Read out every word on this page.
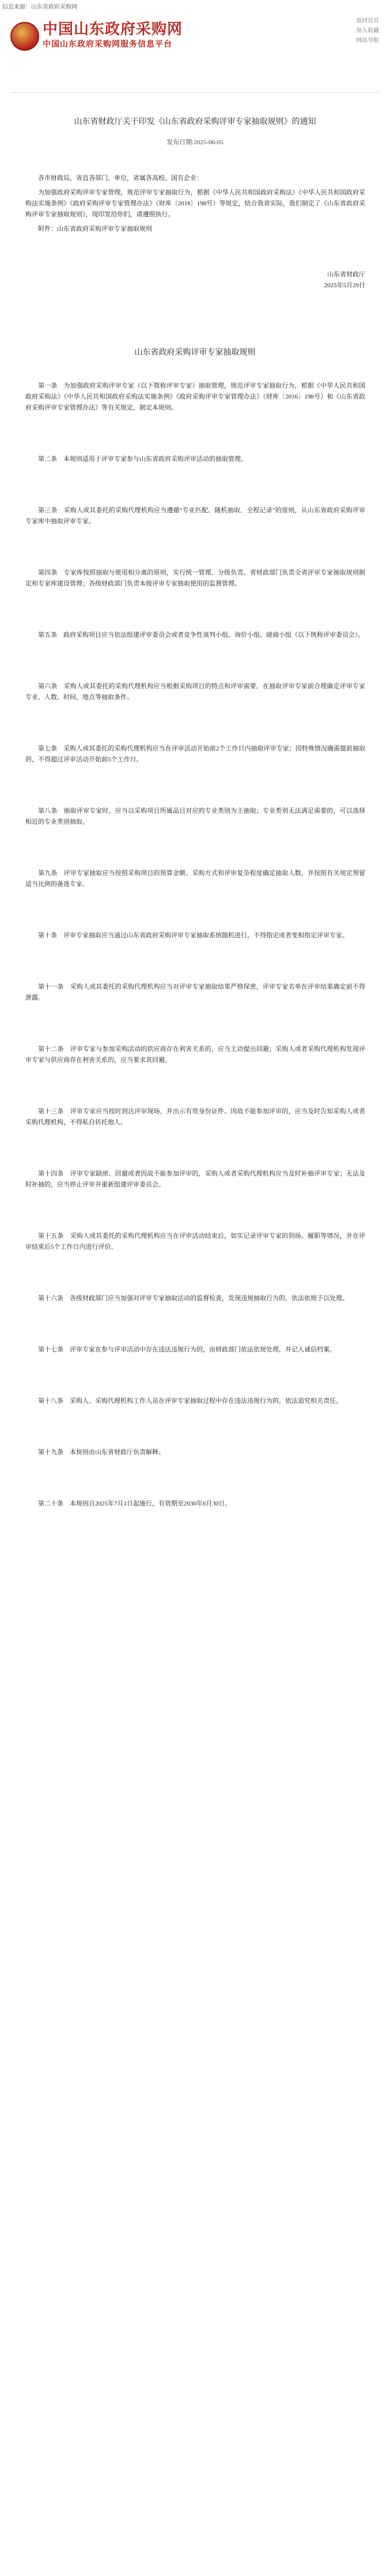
信息来源：山东省政府采购网
中国山东政府采购网
中国山东政府采购网服务信息平台
返回首页
加入收藏
网站导航
山东省财政厅关于印发《山东省政府采购评审专家抽取规则》的通知
发布日期:2025-06-05

各市财政局，省直各部门、单位，省属各高校、国有企业：

为加强政府采购评审专家管理，规范评审专家抽取行为，根据《中华人民共和国政府采购法》《中华人民共和国政府采购法实施条例》《政府采购评审专家管理办法》（财库〔2016〕198号）等规定，结合我省实际，我们制定了《山东省政府采购评审专家抽取规则》，现印发给你们，请遵照执行。

附件：山东省政府采购评审专家抽取规则

山东省财政厅

2025年5月29日

山东省政府采购评审专家抽取规则

第一条　为加强政府采购评审专家（以下简称评审专家）抽取管理，规范评审专家抽取行为，根据《中华人民共和国政府采购法》《中华人民共和国政府采购法实施条例》《政府采购评审专家管理办法》（财库〔2016〕198号）和《山东省政府采购评审专家管理办法》等有关规定，制定本规则。

第二条　本规则适用于评审专家参与山东省政府采购评审活动的抽取管理。

第三条　采购人或其委托的采购代理机构应当遵循“专业匹配、随机抽取、全程记录”的原则，从山东省政府采购评审专家库中抽取评审专家。

第四条　专家库按照抽取与使用相分离的原则，实行统一管理、分级负责。省财政部门负责全省评审专家抽取规则制定和专家库建设管理；各级财政部门负责本级评审专家抽取使用的监督管理。

第五条　政府采购项目应当依法组建评审委员会或者竞争性谈判小组、询价小组、磋商小组（以下统称评审委员会）。

第六条　采购人或其委托的采购代理机构应当根据采购项目的特点和评审需要，在抽取评审专家前合理确定评审专家专业、人数、时间、地点等抽取条件。

第七条　采购人或其委托的采购代理机构应当在评审活动开始前2个工作日内抽取评审专家；因特殊情况确需提前抽取的，不得超过评审活动开始前5个工作日。

第八条　抽取评审专家时，应当以采购项目所属品目对应的专业类别为主抽取；专业类别无法满足需要的，可以选择相近的专业类别抽取。

第九条　评审专家抽取应当按照采购项目的预算金额、采购方式和评审复杂程度确定抽取人数，并按照有关规定预留适当比例的备选专家。

第十条　评审专家抽取应当通过山东省政府采购评审专家抽取系统随机进行，不得指定或者变相指定评审专家。

第十一条　采购人或其委托的采购代理机构应当对评审专家抽取结果严格保密，评审专家名单在评审结果确定前不得泄露。

第十二条　评审专家与参加采购活动的供应商存在利害关系的，应当主动提出回避；采购人或者采购代理机构发现评审专家与供应商存在利害关系的，应当要求其回避。

第十三条　评审专家应当按时到达评审现场，并出示有效身份证件。因故不能参加评审的，应当及时告知采购人或者采购代理机构，不得私自转托他人。

第十四条　评审专家缺席、回避或者因故不能参加评审的，采购人或者采购代理机构应当及时补抽评审专家；无法及时补抽的，应当停止评审并重新组建评审委员会。

第十五条　采购人或其委托的采购代理机构应当在评审活动结束后，如实记录评审专家的到场、履职等情况，并在评审结束后5个工作日内进行评价。

第十六条　各级财政部门应当加强对评审专家抽取活动的监督检查，发现违规抽取行为的，依法依规予以处理。

第十七条　评审专家在参与评审活动中存在违法违规行为的，由财政部门依法依规处理，并记入诚信档案。

第十八条　采购人、采购代理机构工作人员在评审专家抽取过程中存在违法违规行为的，依法追究相关责任。

第十九条　本规则由山东省财政厅负责解释。

第二十条　本规则自2025年7月1日起施行，有效期至2030年6月30日。
